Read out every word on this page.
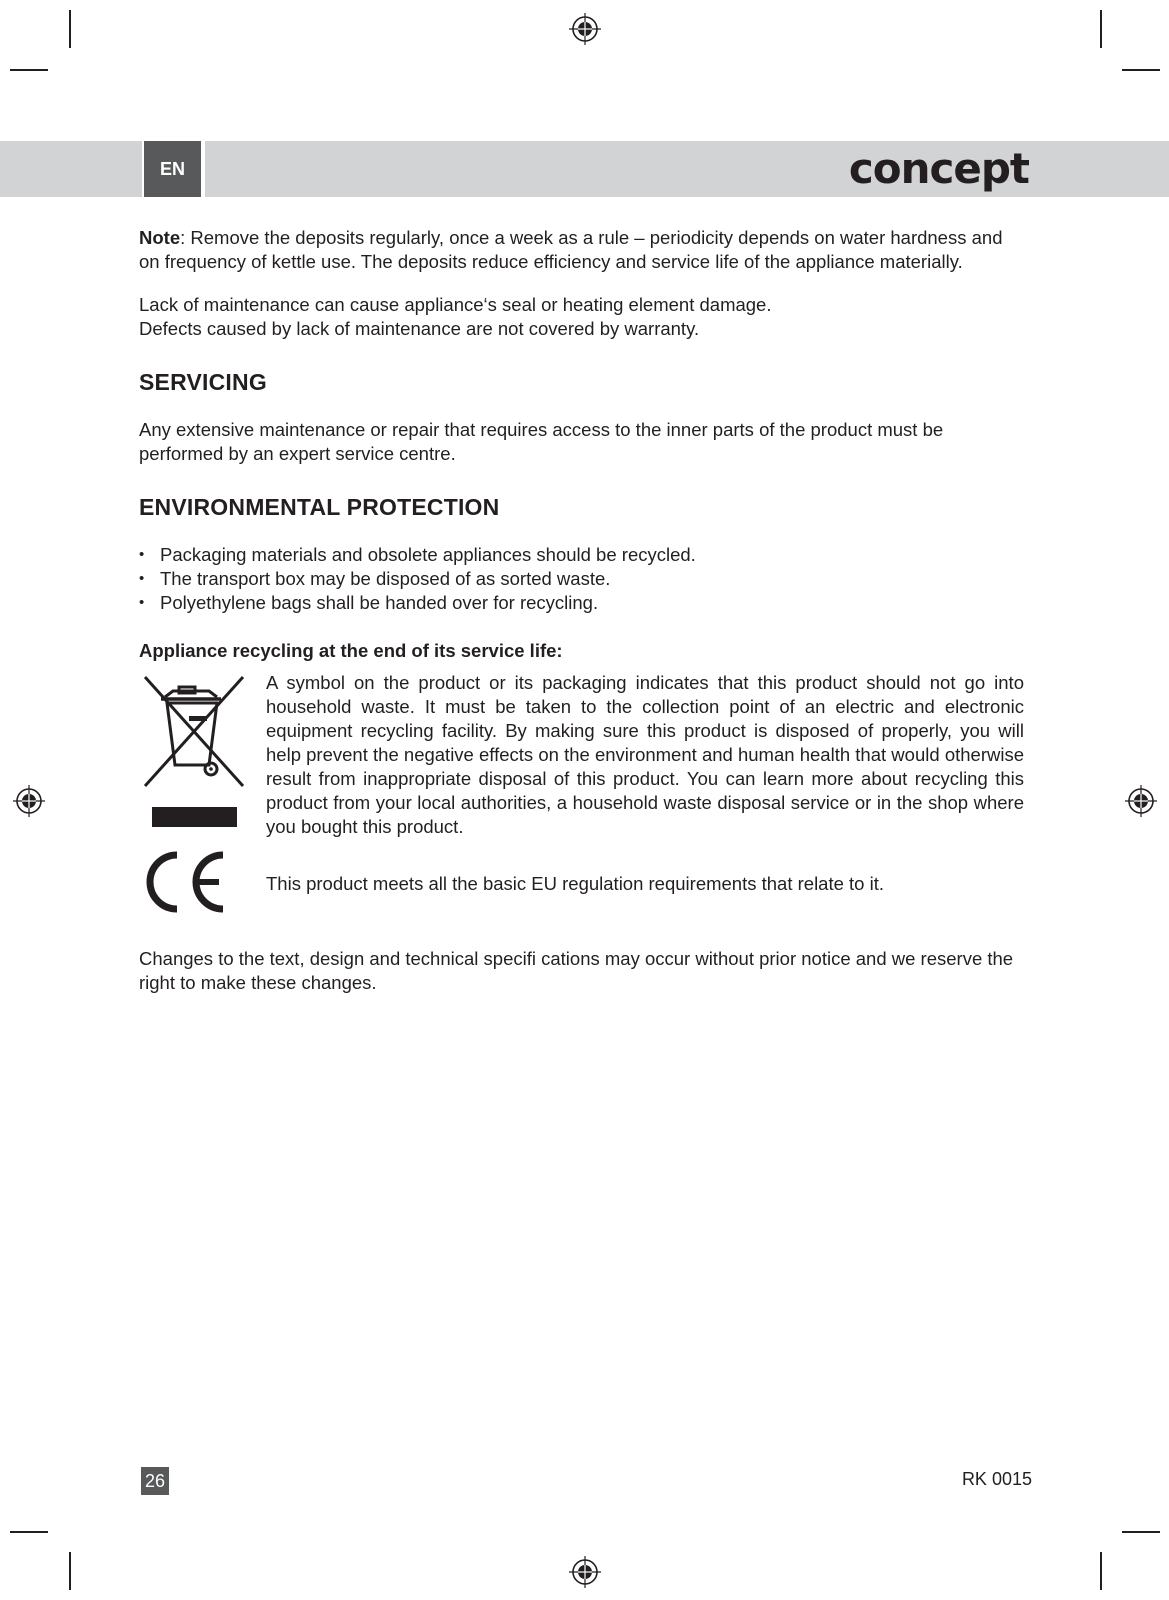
EN	concept

Note: Remove the deposits regularly, once a week as a rule – periodicity depends on water hardness and on frequency of kettle use. The deposits reduce efficiency and service life of the appliance materially.

Lack of maintenance can cause appliance‘s seal or heating element damage.

Defects caused by lack of maintenance are not covered by warranty.

SERVICING

Any extensive maintenance or repair that requires access to the inner parts of the product must be performed by an expert service centre.

ENVIRONMENTAL PROTECTION
• Packaging materials and obsolete appliances should be recycled.
• The transport box may be disposed of as sorted waste.
• Polyethylene bags shall be handed over for recycling.

Appliance recycling at the end of its service life:

A symbol on the product or its packaging indicates that this product should not go into household waste. It must be taken to the collection point of an electric and electronic equipment recycling facility. By making sure this product is disposed of properly, you will help prevent the negative effects on the environment and human health that would otherwise result from inappropriate disposal of this product. You can learn more about recycling this product from your local authorities, a household waste disposal service or in the shop where you bought this product.

This product meets all the basic EU regulation requirements that relate to it.

Changes to the text, design and technical specifi cations may occur without prior notice and we reserve the right to make these changes.

26	RK 0015
